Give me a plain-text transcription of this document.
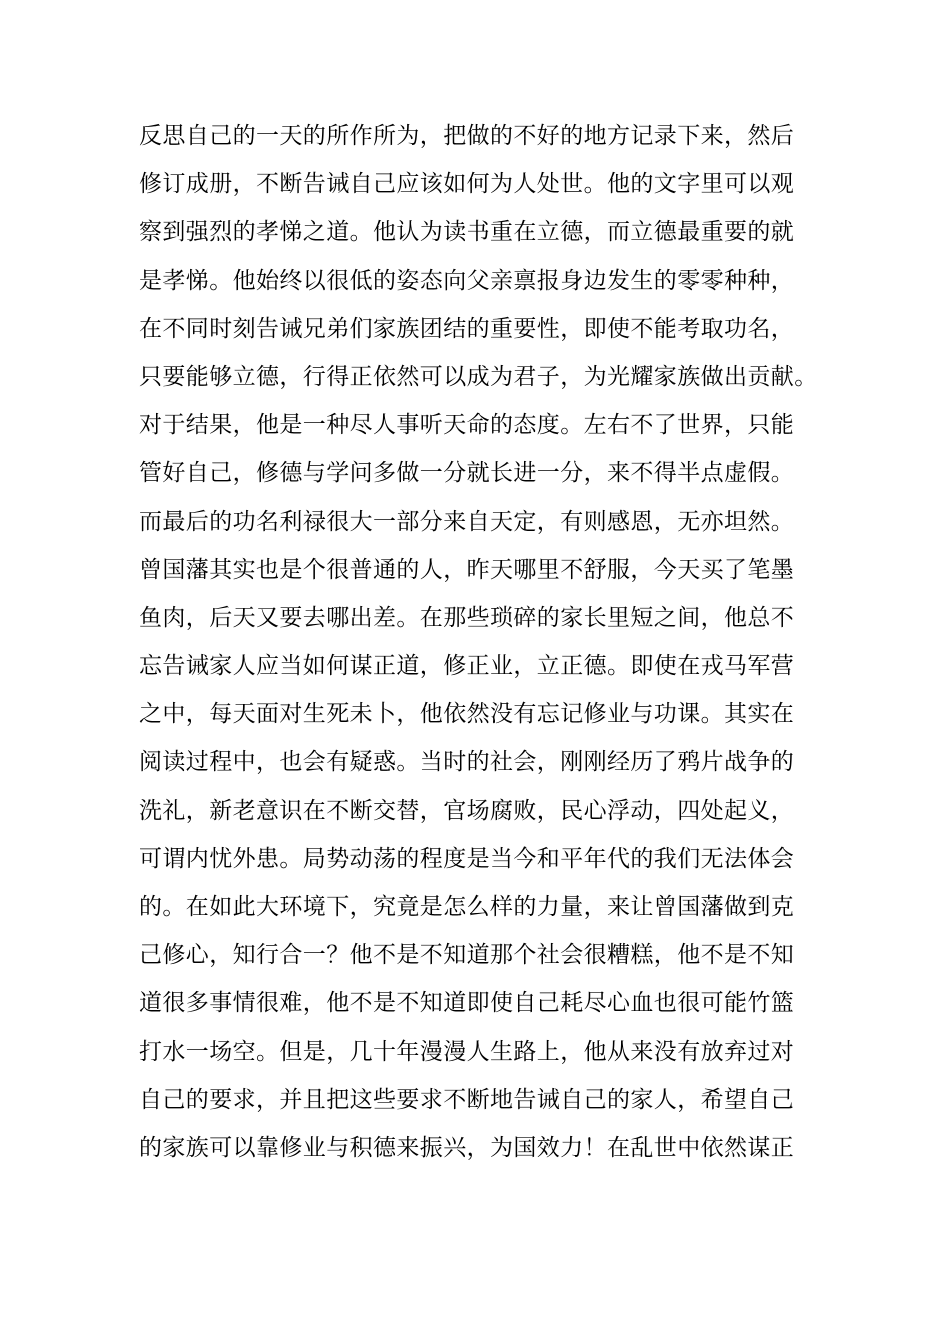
反思自己的一天的所作所为，把做的不好的地方记录下来，然后
修订成册，不断告诫自己应该如何为人处世。他的文字里可以观
察到强烈的孝悌之道。他认为读书重在立德，而立德最重要的就
是孝悌。他始终以很低的姿态向父亲禀报身边发生的零零种种，
在不同时刻告诫兄弟们家族团结的重要性，即使不能考取功名，
只要能够立德，行得正依然可以成为君子，为光耀家族做出贡献。
对于结果，他是一种尽人事听天命的态度。左右不了世界，只能
管好自己，修德与学问多做一分就长进一分，来不得半点虚假。
而最后的功名利禄很大一部分来自天定，有则感恩，无亦坦然。
曾国藩其实也是个很普通的人，昨天哪里不舒服，今天买了笔墨
鱼肉，后天又要去哪出差。在那些琐碎的家长里短之间，他总不
忘告诫家人应当如何谋正道，修正业，立正德。即使在戎马军营
之中，每天面对生死未卜，他依然没有忘记修业与功课。其实在
阅读过程中，也会有疑惑。当时的社会，刚刚经历了鸦片战争的
洗礼，新老意识在不断交替，官场腐败，民心浮动，四处起义，
可谓内忧外患。局势动荡的程度是当今和平年代的我们无法体会
的。在如此大环境下，究竟是怎么样的力量，来让曾国藩做到克
己修心，知行合一？他不是不知道那个社会很糟糕，他不是不知
道很多事情很难，他不是不知道即使自己耗尽心血也很可能竹篮
打水一场空。但是，几十年漫漫人生路上，他从来没有放弃过对
自己的要求，并且把这些要求不断地告诫自己的家人，希望自己
的家族可以靠修业与积德来振兴，为国效力！在乱世中依然谋正
